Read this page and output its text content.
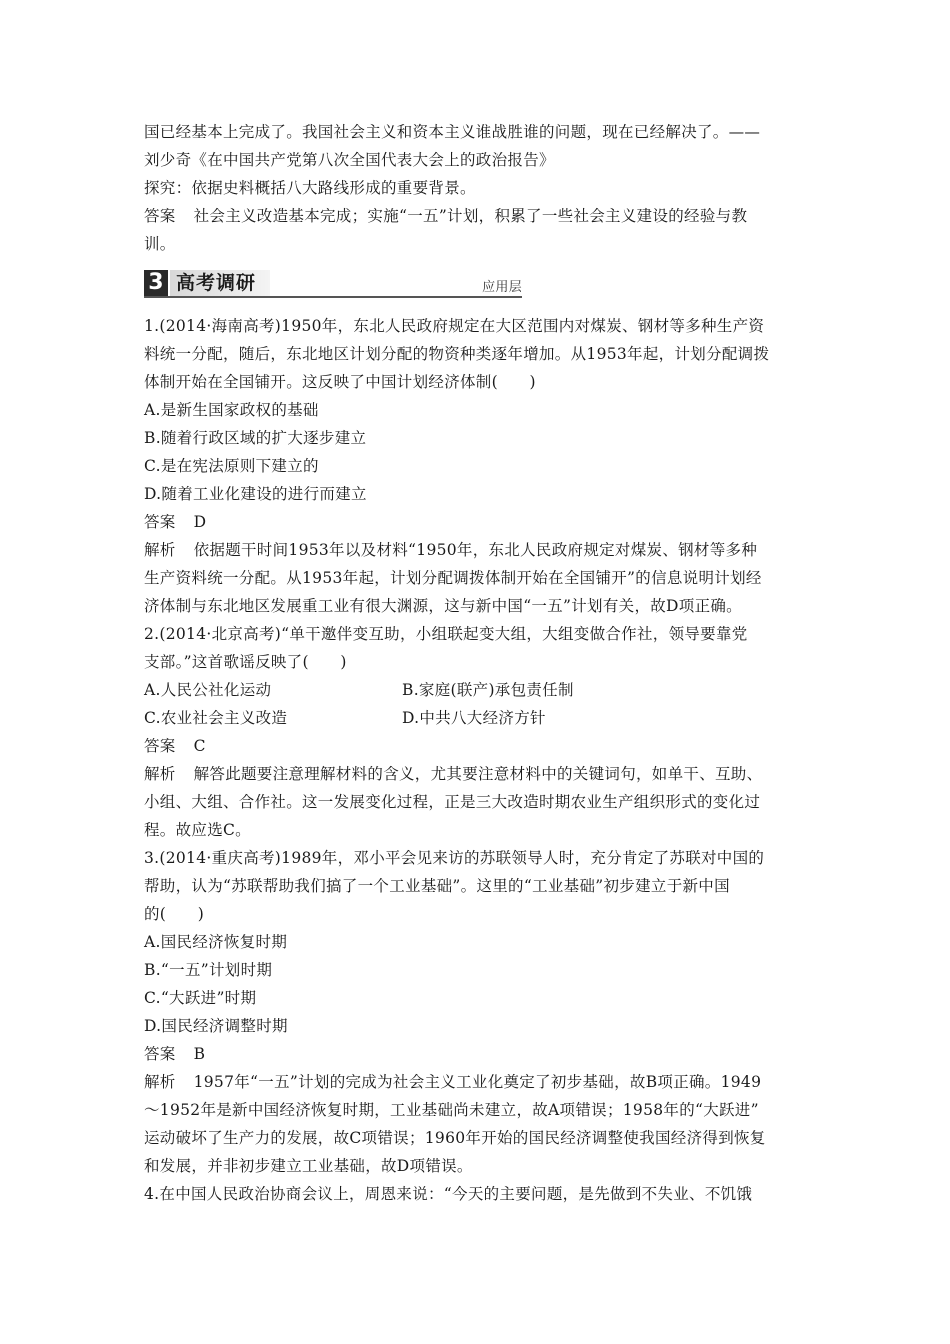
国已经基本上完成了。我国社会主义和资本主义谁战胜谁的问题，现在已经解决了。——

刘少奇《在中国共产党第八次全国代表大会上的政治报告》

探究：依据史料概括八大路线形成的重要背景。

答案 社会主义改造基本完成；实施“一五”计划，积累了一些社会主义建设的经验与教

训。

3 高考调研	应用层

1.(2014·海南高考)1950年，东北人民政府规定在大区范围内对煤炭、钢材等多种生产资

料统一分配，随后，东北地区计划分配的物资种类逐年增加。从1953年起，计划分配调拨

体制开始在全国铺开。这反映了中国计划经济体制(　　)

A.是新生国家政权的基础

B.随着行政区域的扩大逐步建立

C.是在宪法原则下建立的

D.随着工业化建设的进行而建立

答案 D

解析 依据题干时间1953年以及材料“1950年，东北人民政府规定对煤炭、钢材等多种

生产资料统一分配。从1953年起，计划分配调拨体制开始在全国铺开”的信息说明计划经

济体制与东北地区发展重工业有很大渊源，这与新中国“一五”计划有关，故D项正确。

2.(2014·北京高考)“单干邀伴变互助，小组联起变大组，大组变做合作社，领导要靠党

支部。”这首歌谣反映了(　　)

A.人民公社化运动	B.家庭(联产)承包责任制
C.农业社会主义改造	D.中共八大经济方针

答案 C

解析 解答此题要注意理解材料的含义，尤其要注意材料中的关键词句，如单干、互助、

小组、大组、合作社。这一发展变化过程，正是三大改造时期农业生产组织形式的变化过

程。故应选C。

3.(2014·重庆高考)1989年，邓小平会见来访的苏联领导人时，充分肯定了苏联对中国的

帮助，认为“苏联帮助我们搞了一个工业基础”。这里的“工业基础”初步建立于新中国

的(　　)

A.国民经济恢复时期

B.“一五”计划时期

C.“大跃进”时期

D.国民经济调整时期

答案 B

解析 1957年“一五”计划的完成为社会主义工业化奠定了初步基础，故B项正确。1949

～1952年是新中国经济恢复时期，工业基础尚未建立，故A项错误；1958年的“大跃进”

运动破坏了生产力的发展，故C项错误；1960年开始的国民经济调整使我国经济得到恢复

和发展，并非初步建立工业基础，故D项错误。

4.在中国人民政治协商会议上，周恩来说：“今天的主要问题，是先做到不失业、不饥饿
